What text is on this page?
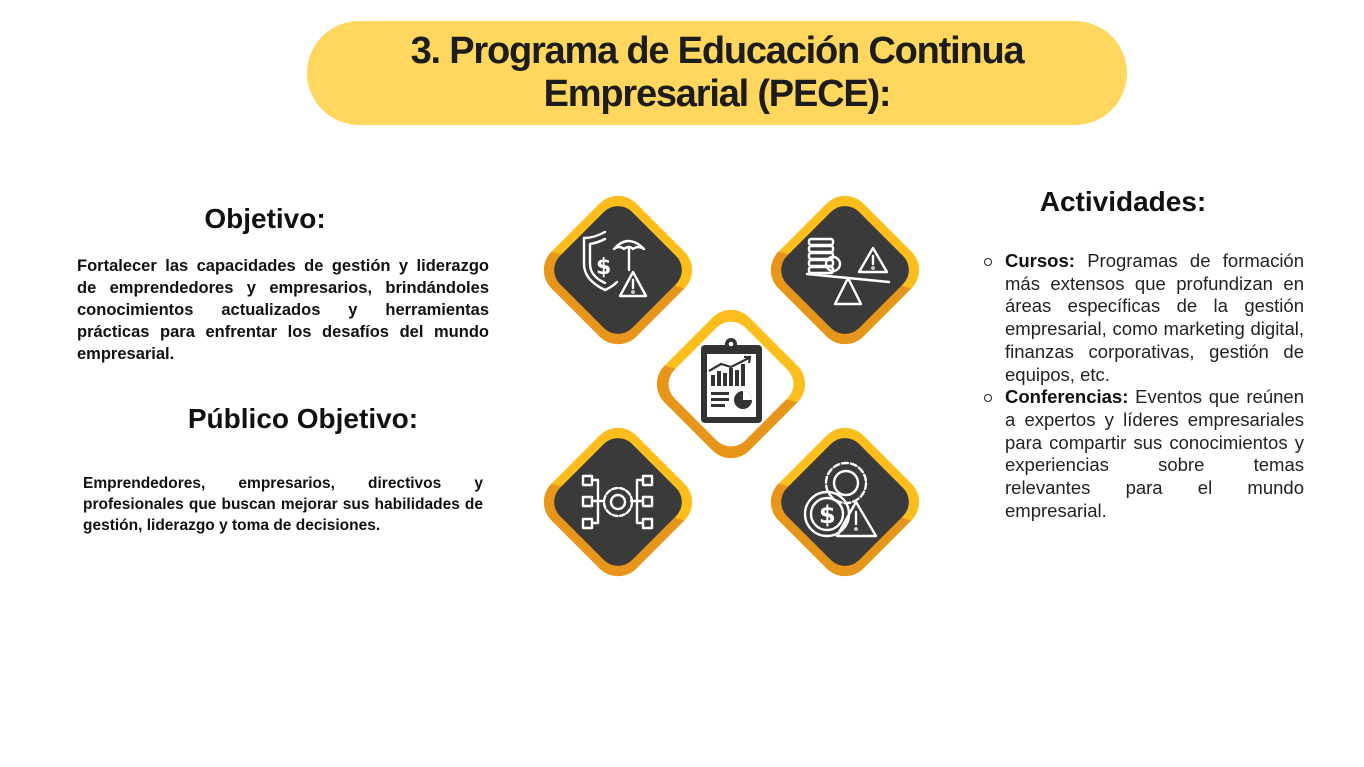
3. Programa de Educación Continua
Empresarial (PECE):
Objetivo:
Fortalecer las capacidades de gestión y liderazgo de emprendedores y empresarios, brindándoles conocimientos actualizados y herramientas prácticas para enfrentar los desafíos del mundo empresarial.
Público Objetivo:
Emprendedores, empresarios, directivos y profesionales que buscan mejorar sus habilidades de gestión, liderazgo y toma de decisiones.
Actividades:
Cursos: Programas de formación más extensos que profundizan en áreas específicas de la gestión empresarial, como marketing digital, finanzas corporativas, gestión de equipos, etc.
Conferencias: Eventos que reúnen a expertos y líderes empresariales para compartir sus conocimientos y experiencias sobre temas relevantes para el mundo empresarial.
$
$
